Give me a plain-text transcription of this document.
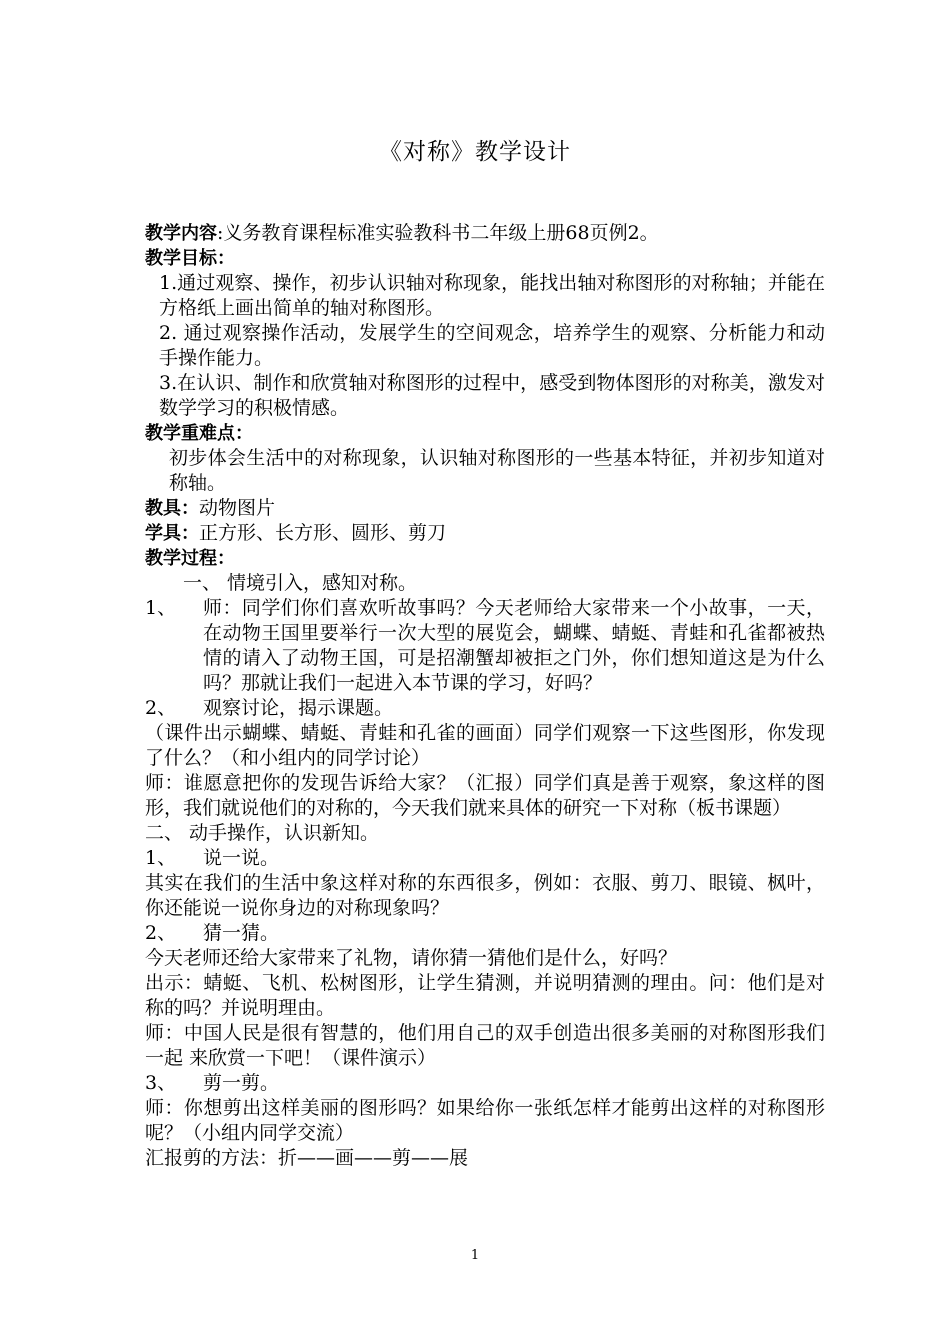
《对称》教学设计

教学内容:义务教育课程标准实验教科书二年级上册68页例2。

教学目标：

1.通过观察、操作，初步认识轴对称现象，能找出轴对称图形的对称轴；并能在方格纸上画出简单的轴对称图形。

2. 通过观察操作活动，发展学生的空间观念，培养学生的观察、分析能力和动手操作能力。

3.在认识、制作和欣赏轴对称图形的过程中，感受到物体图形的对称美，激发对数学学习的积极情感。

教学重难点：

初步体会生活中的对称现象，认识轴对称图形的一些基本特征，并初步知道对称轴。

教具：动物图片

学具：正方形、长方形、圆形、剪刀

教学过程：

一、 情境引入，感知对称。

1、	师：同学们你们喜欢听故事吗？今天老师给大家带来一个小故事，一天，在动物王国里要举行一次大型的展览会，蝴蝶、蜻蜓、青蛙和孔雀都被热情的请入了动物王国，可是招潮蟹却被拒之门外，你们想知道这是为什么吗？那就让我们一起进入本节课的学习，好吗？
2、	观察讨论，揭示课题。

（课件出示蝴蝶、蜻蜓、青蛙和孔雀的画面）同学们观察一下这些图形，你发现了什么？（和小组内的同学讨论）

师：谁愿意把你的发现告诉给大家？（汇报）同学们真是善于观察，象这样的图形，我们就说他们的对称的，今天我们就来具体的研究一下对称（板书课题）

二、 动手操作，认识新知。

1、	说一说。

其实在我们的生活中象这样对称的东西很多，例如：衣服、剪刀、眼镜、枫叶，你还能说一说你身边的对称现象吗？

2、	猜一猜。

今天老师还给大家带来了礼物，请你猜一猜他们是什么，好吗？

出示：蜻蜓、飞机、松树图形，让学生猜测，并说明猜测的理由。问：他们是对称的吗？并说明理由。

师：中国人民是很有智慧的，他们用自己的双手创造出很多美丽的对称图形我们一起 来欣赏一下吧！（课件演示）

3、	剪一剪。

师：你想剪出这样美丽的图形吗？如果给你一张纸怎样才能剪出这样的对称图形呢？（小组内同学交流）

汇报剪的方法：折——画——剪——展

1
